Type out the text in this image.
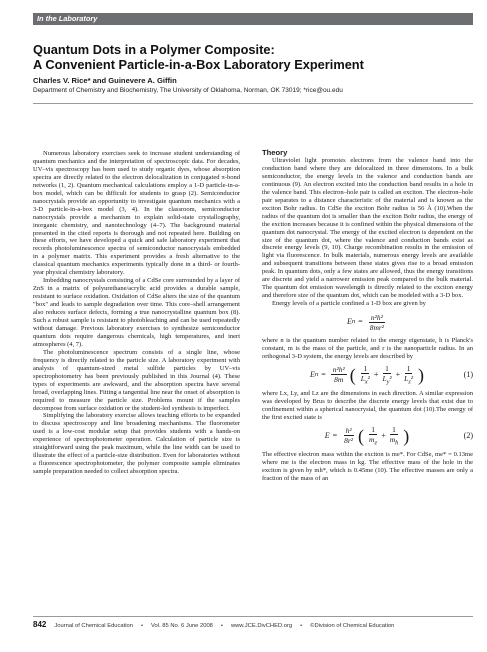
In the Laboratory
Quantum Dots in a Polymer Composite:
A Convenient Particle-in-a-Box Laboratory Experiment
Charles V. Rice* and Guinevere A. Giffin
Department of Chemistry and Biochemistry, The University of Oklahoma, Norman, OK 73019; *rice@ou.edu

Numerous laboratory exercises seek to increase student understanding of quantum mechanics and the interpretation of spectroscopic data. For decades, UV–vis spectroscopy has been used to study organic dyes, whose absorption spectra are directly related to the electron delocalization in conjugated π-bond networks (1, 2). Quantum mechanical calculations employ a 1-D particle-in-a-box model, which can be difficult for students to grasp (2). Semiconductor nanocrystals provide an opportunity to investigate quantum mechanics with a 3-D particle-in-a-box model (3, 4). In the classroom, semiconductor nanocrystals provide a mechanism to explain solid-state crystallography, inorganic chemistry, and nanotechnology (4–7). The background material presented in the cited reports is thorough and not repeated here. Building on these efforts, we have developed a quick and safe laboratory experiment that records photoluminescence spectra of semiconductor nanocrystals embedded in a polymer matrix. This experiment provides a fresh alternative to the classical quantum mechanics experiments typically done in a third- or fourth-year physical chemistry laboratory.

Imbedding nanocrystals consisting of a CdSe core surrounded by a layer of ZnS in a matrix of polyurethane/acrylic acid provides a durable sample, resistant to surface oxidation. Oxidation of CdSe alters the size of the quantum "box" and leads to sample degradation over time. This core–shell arrangement also reduces surface defects, forming a true nanocrystalline quantum box (8). Such a robust sample is resistant to photobleaching and can be used repeatedly without damage. Previous laboratory exercises to synthesize semiconductor quantum dots require dangerous chemicals, high temperatures, and inert atmospheres (4, 7).

The photoluminescence spectrum consists of a single line, whose frequency is directly related to the particle size. A laboratory experiment with analysis of quantum-sized metal sulfide particles by UV–vis spectrophotometry has been previously published in this Journal (4). These types of experiments are awkward, and the absorption spectra have several broad, overlapping lines. Fitting a tangential line near the onset of absorption is required to measure the particle size. Problems mount if the samples decompose from surface oxidation or the student-led synthesis is imperfect.

Simplifying the laboratory exercise allows teaching efforts to be expanded to discuss spectroscopy and line broadening mechanisms. The fluorometer used is a low-cost modular setup that provides students with a hands-on experience of spectrophotometer operation. Calculation of particle size is straightforward using the peak maximum, while the line width can be used to illustrate the effect of a particle-size distribution. Even for laboratories without a fluorescence spectrophotometer, the polymer composite sample eliminates sample preparation needed to collect absorption spectra.

Theory

Ultraviolet light promotes electrons from the valence band into the conduction band where they are delocalized in three dimensions. In a bulk semiconductor, the energy levels in the valence and conduction bands are continuous (9). An electron excited into the conduction band results in a hole in the valence band. This electron–hole pair is called an exciton. The electron–hole pair separates to a distance characteristic of the material and is known as the exciton Bohr radius. In CdSe the exciton Bohr radius is 56 Å (10).When the radius of the quantum dot is smaller than the exciton Bohr radius, the energy of the exciton increases because it is confined within the physical dimensions of the quantum dot nanocrystal. The energy of the excited electron is dependent on the size of the quantum dot, where the valence and conduction bands exist as discrete energy levels (9, 10). Charge recombination results in the emission of light via fluorescence. In bulk materials, numerous energy levels are available and subsequent transitions between these states gives rise to a broad emission peak. In quantum dots, only a few states are allowed, thus the energy transitions are discrete and yield a narrower emission peak compared to the bulk material. The quantum dot emission wavelength is directly related to the exciton energy and therefore size of the quantum dot, which can be modeled with a 3-D box.

Energy levels of a particle confined a 1-D box are given by

E $n = \frac{\text{n²h²}}{\text{8mr²}}$

where n is the quantum number related to the energy eigenstate, h is Planck's constant, m is the mass of the particle, and r is the nanoparticle radius. In an orthogonal 3-D system, the energy levels are described by

E $n = \frac{\text{n²h²}}{8m}$ ( $\frac{1}{L_x^2} + \frac{1}{L_y^2} + \frac{1}{L_z^2}$ )	(1)

where Lx, Ly, and Lz are the dimensions in each direction. A similar expression was developed by Brus to describe the discrete energy levels that exist due to confinement within a spherical nanocrystal, the quantum dot (10).The energy of the first excited state is

$E = \frac{\text{h²}}{\text{8r²}}$ ( $\frac{1}{m_e} + \frac{1}{m_h}$ )	(2)

The effective electron mass within the exciton is me*. For CdSe, me* = 0.13me where me is the electron mass in kg. The effective mass of the hole in the exciton is given by mh*, which is 0.45me (10). The effective masses are only a fraction of the mass of an

842 Journal of Chemical Education • Vol. 85 No. 6 June 2008 • www.JCE.DivCHED.org • ©Division of Chemical Education
